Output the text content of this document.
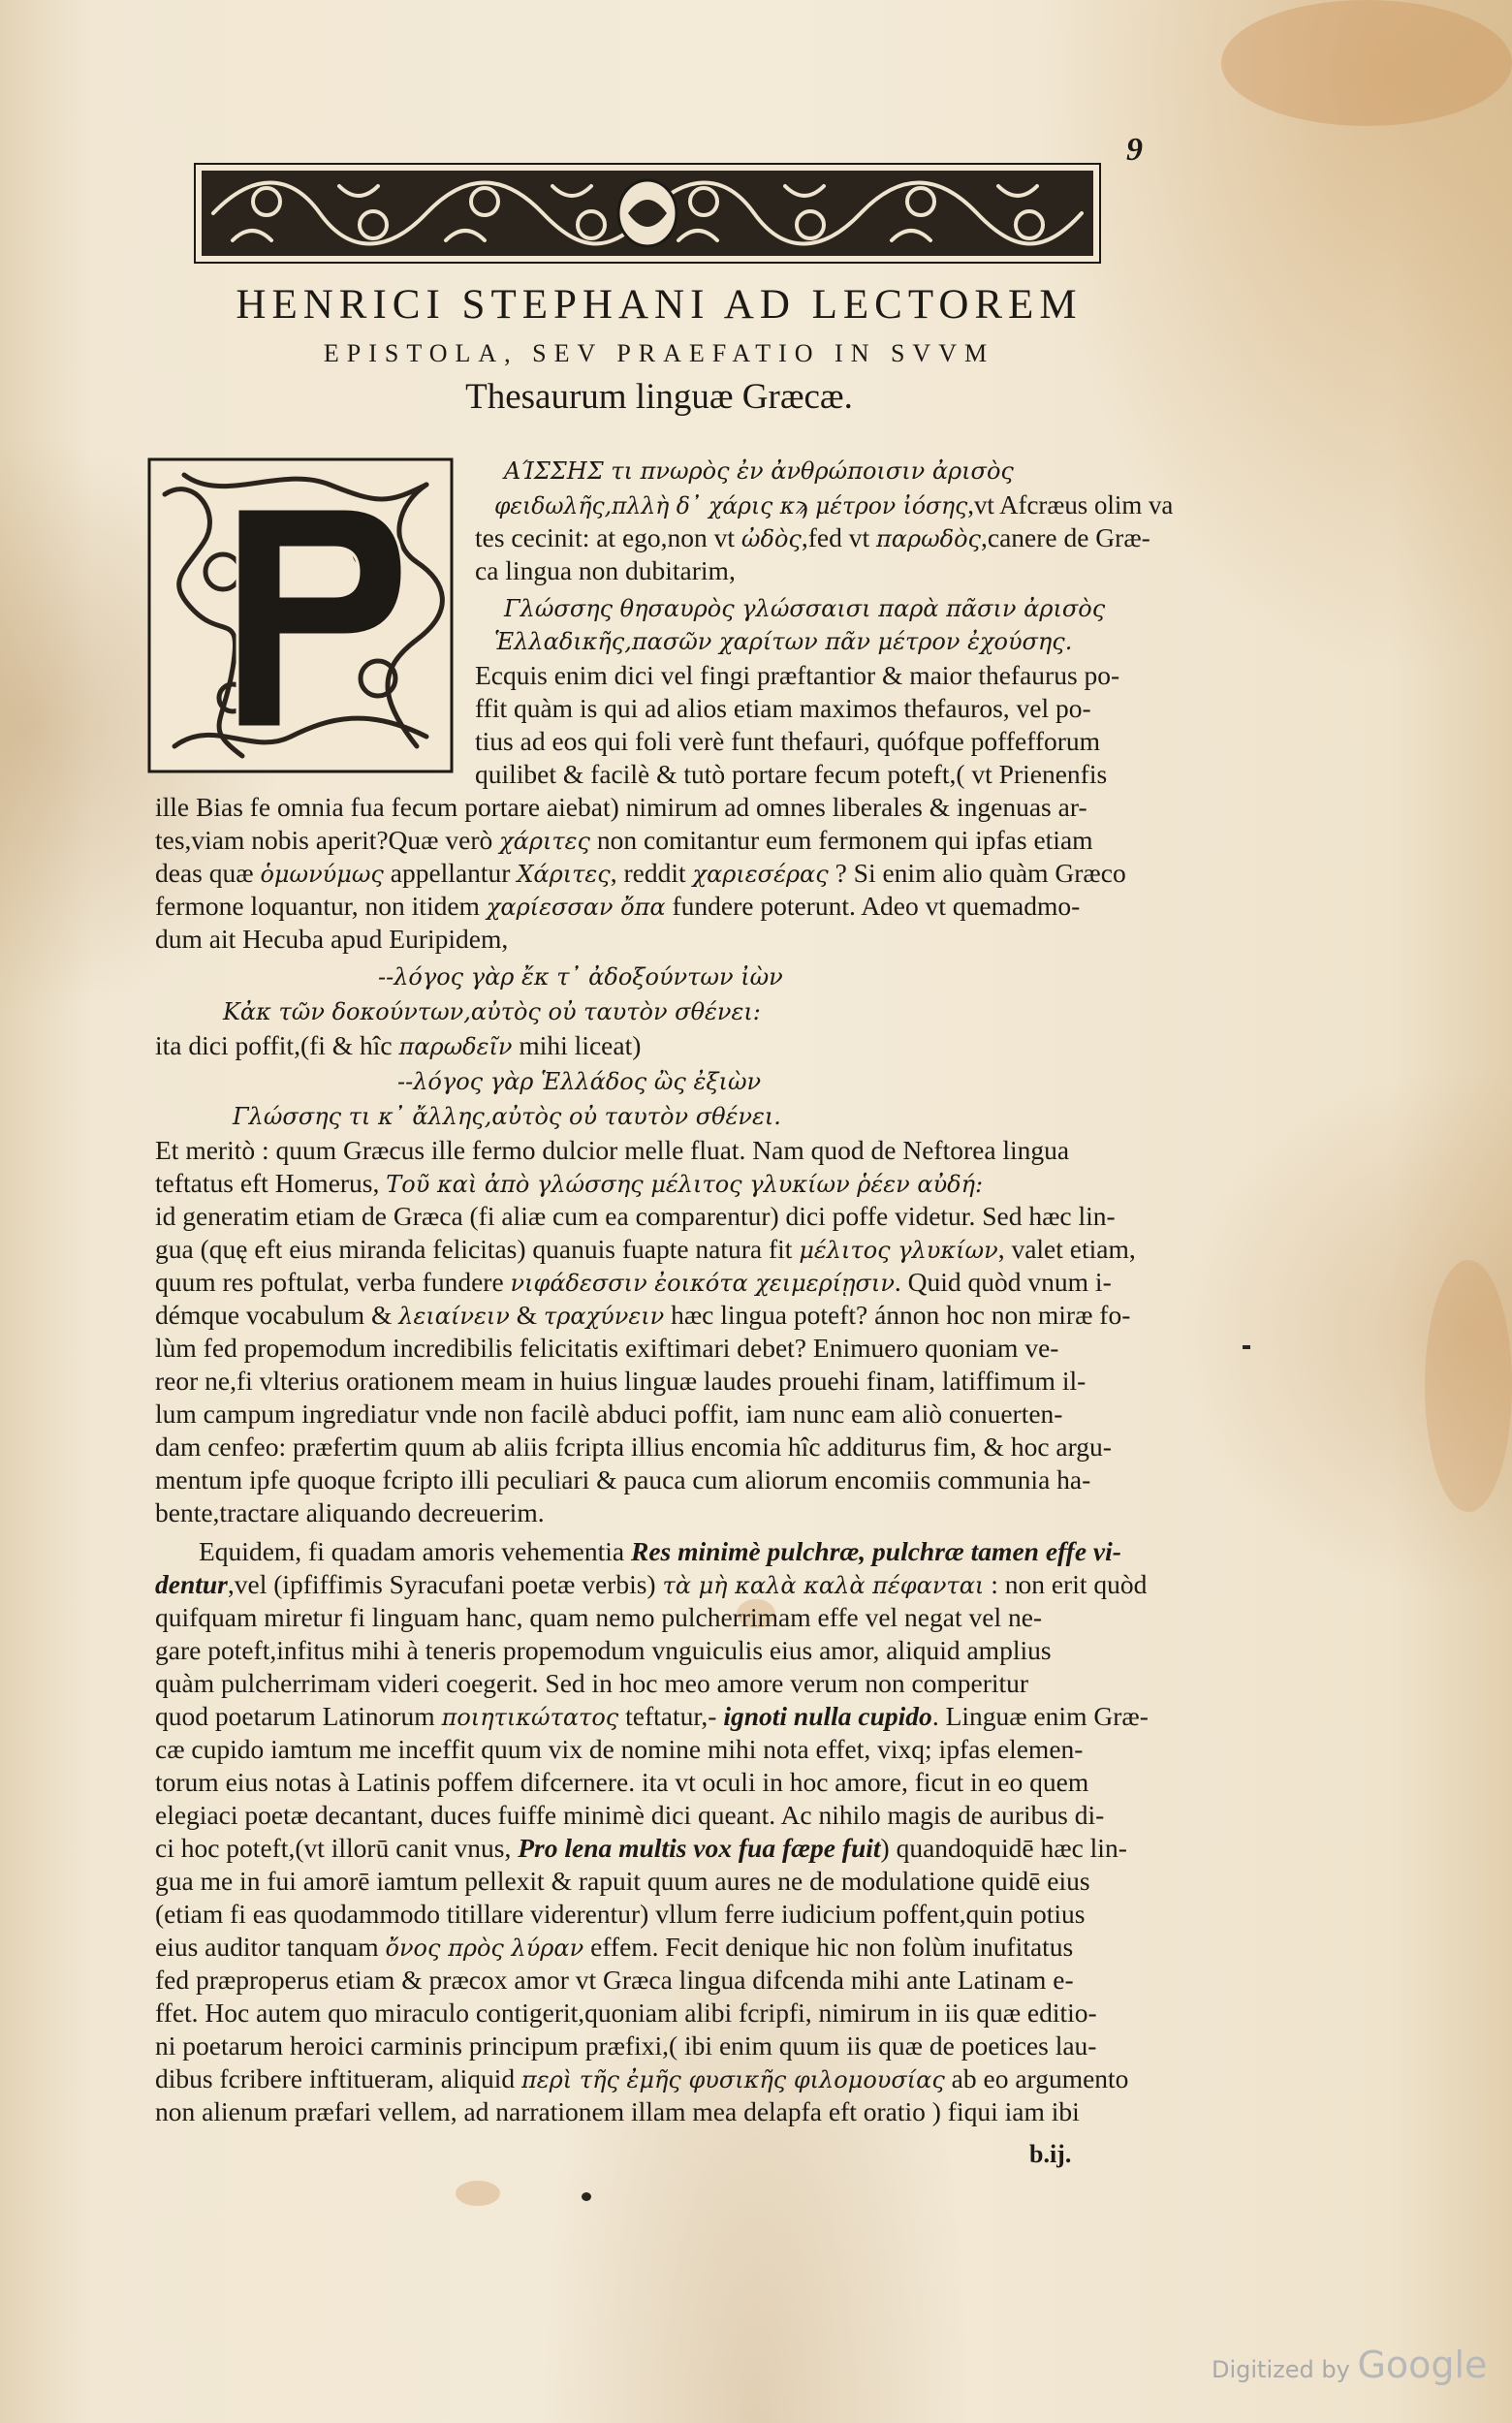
9
HENRICI STEPHANI AD LECTOREM
EPISTOLA, SEV PRAEFATIO IN SVVM
Thesaurum linguæ Græcæ.
ΑΊΣΣΗΣ τι πνωρὸς ἐν ἀνθρώποισιν ἀρισὸς
φειδωλῆς,πλλὴ δ᾽ χάρις κϡ μέτρον ἰόσης,vt Afcræus olim va
tes cecinit: at ego,non vt ὠδὸς,fed vt παρωδὸς,canere de Græ-
ca lingua non dubitarim,
Γλώσσης θησαυρὸς γλώσσαισι παρὰ πᾶσιν ἀρισὸς
Ἑλλαδικῆς,πασῶν χαρίτων πᾶν μέτρον ἐχούσης.
Ecquis enim dici vel fingi præftantior & maior thefaurus po-
ffit quàm is qui ad alios etiam maximos thefauros, vel po-
tius ad eos qui foli verè funt thefauri, quófque poffefforum
quilibet & facilè & tutò portare fecum poteft,( vt Prienenfis
ille Bias fe omnia fua fecum portare aiebat) nimirum ad omnes liberales & ingenuas ar-
tes,viam nobis aperit?Quæ verò χάριτες non comitantur eum fermonem qui ipfas etiam
deas quæ ὁμωνύμως appellantur Χάριτες, reddit χαριεσέρας ? Si enim alio quàm Græco
fermone loquantur, non itidem χαρίεσσαν ὄπα fundere poterunt. Adeo vt quemadmo-
dum ait Hecuba apud Euripidem,
--λόγος γὰρ ἔκ τ᾽ ἀδοξούντων ἰὼν
Κἀκ τῶν δοκούντων,αὐτὸς οὐ ταυτὸν σθένει:
ita dici poffit,(fi & hîc παρωδεῖν mihi liceat)
--λόγος γὰρ Ἑλλάδος ὢς ἐξιὼν
Γλώσσης τι κ᾽ ἄλλης,αὐτὸς οὐ ταυτὸν σθένει.
Et meritò : quum Græcus ille fermo dulcior melle fluat. Nam quod de Neftorea lingua
teftatus eft Homerus, Τοῦ καὶ ἀπὸ γλώσσης μέλιτος γλυκίων ῥέεν αὐδή:
id generatim etiam de Græca (fi aliæ cum ea comparentur) dici poffe videtur. Sed hæc lin-
gua (quę eft eius miranda felicitas) quanuis fuapte natura fit μέλιτος γλυκίων, valet etiam,
quum res poftulat, verba fundere νιφάδεσσιν ἐοικότα χειμερίῃσιν. Quid quòd vnum i-
démque vocabulum & λειαίνειν & τραχύνειν hæc lingua poteft? ánnon hoc non miræ fo-
lùm fed propemodum incredibilis felicitatis exiftimari debet? Enimuero quoniam ve-
reor ne,fi vlterius orationem meam in huius linguæ laudes prouehi finam, latiffimum il-
lum campum ingrediatur vnde non facilè abduci poffit, iam nunc eam aliò conuerten-
dam cenfeo: præfertim quum ab aliis fcripta illius encomia hîc additurus fim, & hoc argu-
mentum ipfe quoque fcripto illi peculiari & pauca cum aliorum encomiis communia ha-
bente,tractare aliquando decreuerim.
Equidem, fi quadam amoris vehementia Res minimè pulchræ, pulchræ tamen effe vi-
dentur,vel (ipfiffimis Syracufani poetæ verbis) τὰ μὴ καλὰ καλὰ πέφανται : non erit quòd
quifquam miretur fi linguam hanc, quam nemo pulcherrimam effe vel negat vel ne-
gare poteft,infitus mihi à teneris propemodum vnguiculis eius amor, aliquid amplius
quàm pulcherrimam videri coegerit. Sed in hoc meo amore verum non comperitur
quod poetarum Latinorum ποιητικώτατος teftatur,- ignoti nulla cupido. Linguæ enim Græ-
cæ cupido iamtum me inceffit quum vix de nomine mihi nota effet, vixq; ipfas elemen-
torum eius notas à Latinis poffem difcernere. ita vt oculi in hoc amore, ficut in eo quem
elegiaci poetæ decantant, duces fuiffe minimè dici queant. Ac nihilo magis de auribus di-
ci hoc poteft,(vt illorū canit vnus, Pro lena multis vox fua fæpe fuit) quandoquidē hæc lin-
gua me in fui amorē iamtum pellexit & rapuit quum aures ne de modulatione quidē eius
(etiam fi eas quodammodo titillare viderentur) vllum ferre iudicium poffent,quin potius
eius auditor tanquam ὄνος πρὸς λύραν effem. Fecit denique hic non folùm inufitatus
fed præproperus etiam & præcox amor vt Græca lingua difcenda mihi ante Latinam e-
ffet. Hoc autem quo miraculo contigerit,quoniam alibi fcripfi, nimirum in iis quæ editio-
ni poetarum heroici carminis principum præfixi,( ibi enim quum iis quæ de poetices lau-
dibus fcribere inftitueram, aliquid περὶ τῆς ἐμῆς φυσικῆς φιλομουσίας ab eo argumento
non alienum præfari vellem, ad narrationem illam mea delapfa eft oratio ) fiqui iam ibi
b.ij.
Digitized by Google
